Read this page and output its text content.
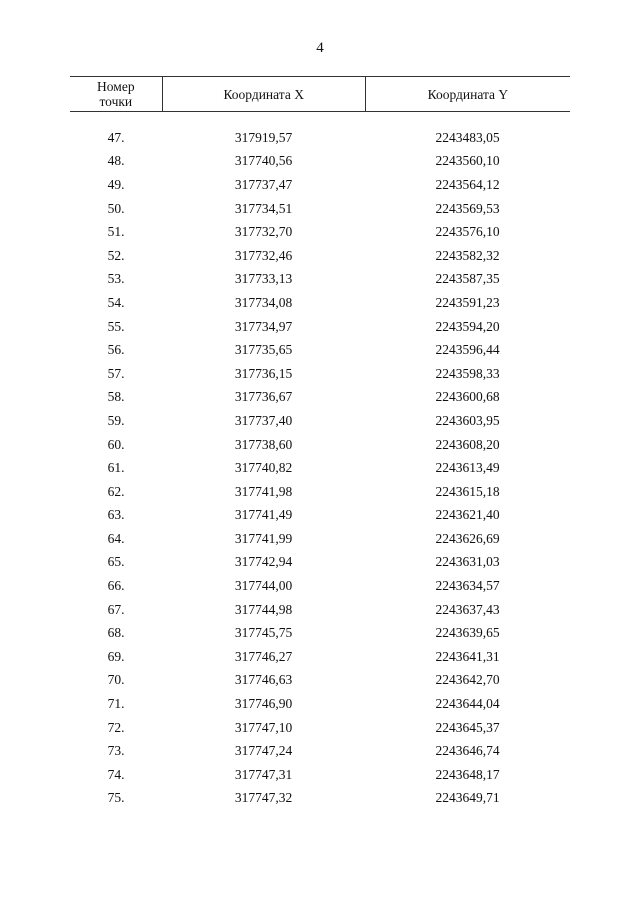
4
Номер
точки	Координата X	Координата Y
47.	317919,57	2243483,05
48.	317740,56	2243560,10
49.	317737,47	2243564,12
50.	317734,51	2243569,53
51.	317732,70	2243576,10
52.	317732,46	2243582,32
53.	317733,13	2243587,35
54.	317734,08	2243591,23
55.	317734,97	2243594,20
56.	317735,65	2243596,44
57.	317736,15	2243598,33
58.	317736,67	2243600,68
59.	317737,40	2243603,95
60.	317738,60	2243608,20
61.	317740,82	2243613,49
62.	317741,98	2243615,18
63.	317741,49	2243621,40
64.	317741,99	2243626,69
65.	317742,94	2243631,03
66.	317744,00	2243634,57
67.	317744,98	2243637,43
68.	317745,75	2243639,65
69.	317746,27	2243641,31
70.	317746,63	2243642,70
71.	317746,90	2243644,04
72.	317747,10	2243645,37
73.	317747,24	2243646,74
74.	317747,31	2243648,17
75.	317747,32	2243649,71
